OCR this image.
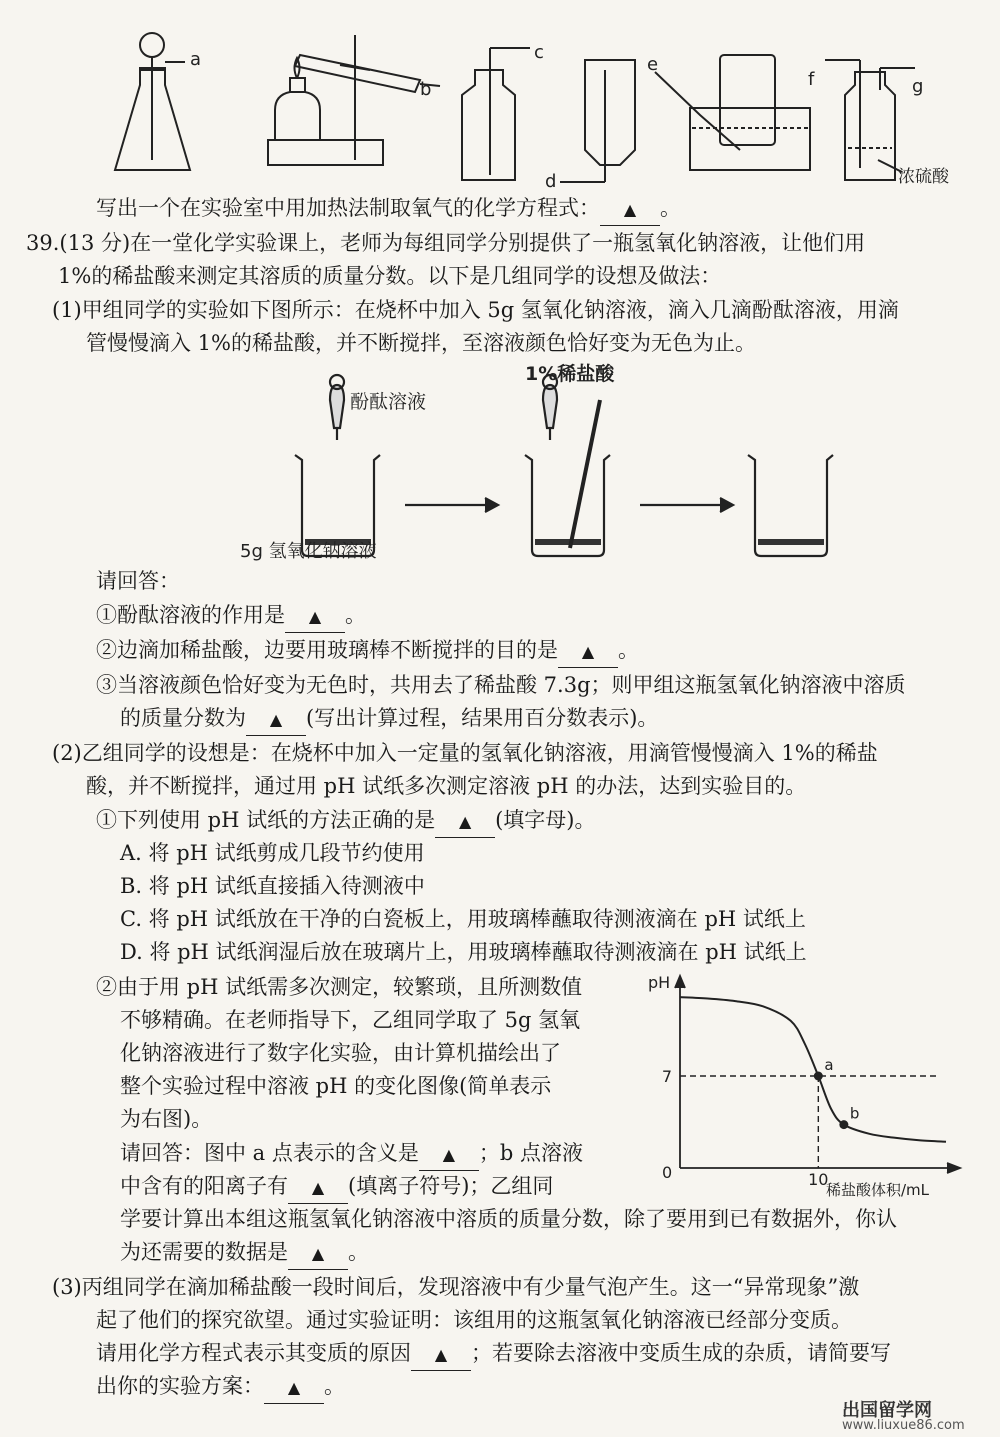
a
b
c
d
e
f	g
浓硫酸
写出一个在实验室中用加热法制取氧气的化学方程式： ▲ 。
39.(13 分)在一堂化学实验课上，老师为每组同学分别提供了一瓶氢氧化钠溶液，让他们用
1%的稀盐酸来测定其溶质的质量分数。以下是几组同学的设想及做法：
(1)甲组同学的实验如下图所示：在烧杯中加入 5g 氢氧化钠溶液，滴入几滴酚酞溶液，用滴
管慢慢滴入 1%的稀盐酸，并不断搅拌，至溶液颜色恰好变为无色为止。
酚酞溶液
1%稀盐酸
5g 氢氧化钠溶液
请回答：
①酚酞溶液的作用是 ▲ 。
②边滴加稀盐酸，边要用玻璃棒不断搅拌的目的是 ▲ 。
③当溶液颜色恰好变为无色时，共用去了稀盐酸 7.3g；则甲组这瓶氢氧化钠溶液中溶质
的质量分数为 ▲ (写出计算过程，结果用百分数表示)。
(2)乙组同学的设想是：在烧杯中加入一定量的氢氧化钠溶液，用滴管慢慢滴入 1%的稀盐
酸，并不断搅拌，通过用 pH 试纸多次测定溶液 pH 的办法，达到实验目的。
①下列使用 pH 试纸的方法正确的是 ▲ (填字母)。
A. 将 pH 试纸剪成几段节约使用
B. 将 pH 试纸直接插入待测液中
C. 将 pH 试纸放在干净的白瓷板上，用玻璃棒蘸取待测液滴在 pH 试纸上
D. 将 pH 试纸润湿后放在玻璃片上，用玻璃棒蘸取待测液滴在 pH 试纸上
②由于用 pH 试纸需多次测定，较繁琐，且所测数值
不够精确。在老师指导下，乙组同学取了 5g 氢氧
化钠溶液进行了数字化实验，由计算机描绘出了
整个实验过程中溶液 pH 的变化图像(简单表示
为右图)。
请回答：图中 a 点表示的含义是 ▲ ；b 点溶液
中含有的阳离子有 ▲ (填离子符号)；乙组同
学要计算出本组这瓶氢氧化钠溶液中溶质的质量分数，除了要用到已有数据外，你认
为还需要的数据是 ▲ 。
(3)丙组同学在滴加稀盐酸一段时间后，发现溶液中有少量气泡产生。这一“异常现象”激
起了他们的探究欲望。通过实验证明：该组用的这瓶氢氧化钠溶液已经部分变质。
请用化学方程式表示其变质的原因 ▲ ；若要除去溶液中变质生成的杂质，请简要写
出你的实验方案： ▲ 。
a
b
pH
稀盐酸体积/mL
0	10
7
出国留学网
www.liuxue86.com
